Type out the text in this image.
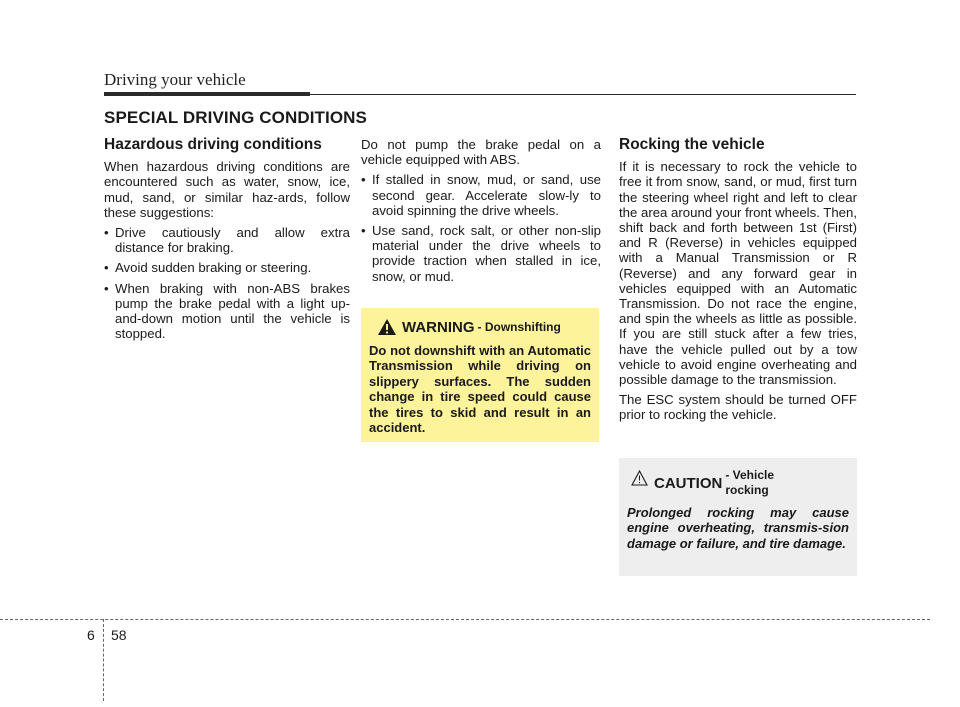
Driving your vehicle
SPECIAL DRIVING CONDITIONS
Hazardous driving conditions

When hazardous driving conditions are encountered such as water, snow, ice, mud, sand, or similar haz-ards, follow these suggestions:

• Drive cautiously and allow extra distance for braking.
• Avoid sudden braking or steering.
• When braking with non-ABS brakes pump the brake pedal with a light up-and-down motion until the vehicle is stopped.

Do not pump the brake pedal on a vehicle equipped with ABS.

• If stalled in snow, mud, or sand, use second gear. Accelerate slow-ly to avoid spinning the drive wheels.
• Use sand, rock salt, or other non-slip material under the drive wheels to provide traction when stalled in ice, snow, or mud.
WARNING - Downshifting

Do not downshift with an Automatic Transmission while driving on slippery surfaces. The sudden change in tire speed could cause the tires to skid and result in an accident.

Rocking the vehicle

If it is necessary to rock the vehicle to free it from snow, sand, or mud, first turn the steering wheel right and left to clear the area around your front wheels. Then, shift back and forth between 1st (First) and R (Reverse) in vehicles equipped with a Manual Transmission or R (Reverse) and any forward gear in vehicles equipped with an Automatic Transmission. Do not race the engine, and spin the wheels as little as possible. If you are still stuck after a few tries, have the vehicle pulled out by a tow vehicle to avoid engine overheating and possible damage to the transmission.

The ESC system should be turned OFF prior to rocking the vehicle.

CAUTION - Vehicle rocking

Prolonged rocking may cause engine overheating, transmis-sion damage or failure, and tire damage.

6 58
